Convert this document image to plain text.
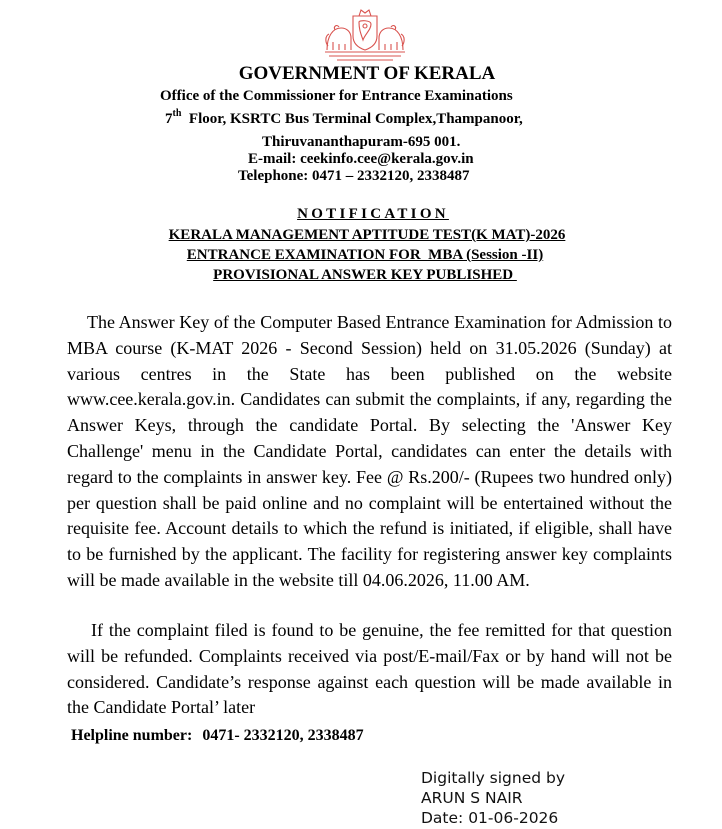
GOVERNMENT OF KERALA
Office of the Commissioner for Entrance Examinations
7th Floor, KSRTC Bus Terminal Complex,Thampanoor,
Thiruvananthapuram-695 001.
E-mail: ceekinfo.cee@kerala.gov.in
Telephone: 0471 – 2332120, 2338487
NOTIFICATION
KERALA MANAGEMENT APTITUDE TEST(K MAT)-2026
ENTRANCE EXAMINATION FOR  MBA (Session -II)
PROVISIONAL ANSWER KEY PUBLISHED
The Answer Key of the Computer Based Entrance Examination for Admission to MBA course (K-MAT 2026 - Second Session) held on 31.05.2026 (Sunday) at various centres in the State has been published on the website www.cee.kerala.gov.in. Candidates can submit the complaints, if any, regarding the Answer Keys, through the candidate Portal. By selecting the 'Answer Key Challenge' menu in the Candidate Portal, candidates can enter the details with regard to the complaints in answer key. Fee @ Rs.200/- (Rupees two hundred only) per question shall be paid online and no complaint will be entertained without the requisite fee. Account details to which the refund is initiated, if eligible, shall have to be furnished by the applicant. The facility for registering answer key complaints will be made available in the website till 04.06.2026, 11.00 AM.
If the complaint filed is found to be genuine, the fee remitted for that question will be refunded. Complaints received via post/E-mail/Fax or by hand will not be considered. Candidate’s response against each question will be made available in the Candidate Portal’ later
Helpline number: 0471- 2332120, 2338487
Digitally signed by
ARUN S NAIR
Date: 01-06-2026
